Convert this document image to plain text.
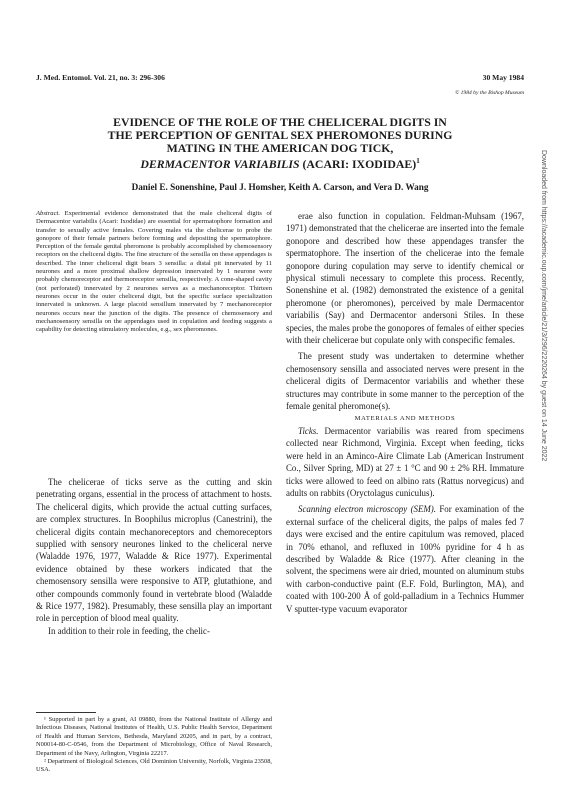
J. Med. Entomol. Vol. 21, no. 3: 296-306	30 May 1984
© 1984 by the Bishop Museum
EVIDENCE OF THE ROLE OF THE CHELICERAL DIGITS IN
THE PERCEPTION OF GENITAL SEX PHEROMONES DURING
MATING IN THE AMERICAN DOG TICK,
DERMACENTOR VARIABILIS (ACARI: IXODIDAE)$^1$
Daniel E. Sonenshine, Paul J. Homsher, Keith A. Carson, and Vera D. Wang
Abstract. Experimental evidence demonstrated that the male cheliceral digits of Dermacentor variabilis (Acari: Ixodidae) are essential for spermatophore formation and transfer to sexually active females. Covering males via the chelicerae to probe the gonopore of their female partners before forming and depositing the spermatophore. Perception of the female genital pheromone is probably accomplished by chemosensory receptors on the cheliceral digits. The fine structure of the sensilla on these appendages is described. The inner cheliceral digit bears 3 sensilla: a distal pit innervated by 11 neurones and a more proximal shallow depression innervated by 1 neurone were probably chemoreceptor and thermoreceptor sensilla, respectively. A cone-shaped cavity (not perforated) innervated by 2 neurones serves as a mechanoreceptor. Thirteen neurones occur in the outer cheliceral digit, but the specific surface specialization innervated is unknown. A large placoid sensillum innervated by 7 mechanoreceptor neurones occurs near the junction of the digits. The presence of chemosensory and mechanosensory sensilla on the appendages used in copulation and feeding suggests a capability for detecting stimulatory molecules, e.g., sex pheromones.

The chelicerae of ticks serve as the cutting and skin penetrating organs, essential in the process of attachment to hosts. The cheliceral digits, which provide the actual cutting surfaces, are complex structures. In Boophilus microplus (Canestrini), the cheliceral digits contain mechanoreceptors and chemoreceptors supplied with sensory neurones linked to the cheliceral nerve (Waladde 1976, 1977, Waladde & Rice 1977). Experimental evidence obtained by these workers indicated that the chemosensory sensilla were responsive to ATP, glutathione, and other compounds commonly found in vertebrate blood (Waladde & Rice 1977, 1982). Presumably, these sensilla play an important role in perception of blood meal quality.

In addition to their role in feeding, the chelic-

¹ Supported in part by a grant, AI 09880, from the National Institute of Allergy and Infectious Diseases, National Institutes of Health, U.S. Public Health Service, Department of Health and Human Services, Bethesda, Maryland 20205, and in part, by a contract, N00014-80-C-0546, from the Department of Microbiology, Office of Naval Research, Department of the Navy, Arlington, Virginia 22217.

² Department of Biological Sciences, Old Dominion University, Norfolk, Virginia 23508, USA.

erae also function in copulation. Feldman-Muhsam (1967, 1971) demonstrated that the chelicerae are inserted into the female gonopore and described how these appendages transfer the spermatophore. The insertion of the chelicerae into the female gonopore during copulation may serve to identify chemical or physical stimuli necessary to complete this process. Recently, Sonenshine et al. (1982) demonstrated the existence of a genital pheromone (or pheromones), perceived by male Dermacentor variabilis (Say) and Dermacentor andersoni Stiles. In these species, the males probe the gonopores of females of either species with their chelicerae but copulate only with conspecific females.

The present study was undertaken to determine whether chemosensory sensilla and associated nerves were present in the cheliceral digits of Dermacentor variabilis and whether these structures may contribute in some manner to the perception of the female genital pheromone(s).

MATERIALS AND METHODS

Ticks. Dermacentor variabilis was reared from specimens collected near Richmond, Virginia. Except when feeding, ticks were held in an Aminco-Aire Climate Lab (American Instrument Co., Silver Spring, MD) at 27 ± 1 °C and 90 ± 2% RH. Immature ticks were allowed to feed on albino rats (Rattus norvegicus) and adults on rabbits (Oryctolagus cuniculus).

Scanning electron microscopy (SEM). For examination of the external surface of the cheliceral digits, the palps of males fed 7 days were excised and the entire capitulum was removed, placed in 70% ethanol, and refluxed in 100% pyridine for 4 h as described by Waladde & Rice (1977). After cleaning in the solvent, the specimens were air dried, mounted on aluminum stubs with carbon-conductive paint (E.F. Fold, Burlington, MA), and coated with 100-200 Å of gold-palladium in a Technics Hummer V sputter-type vacuum evaporator

Downloaded from https://academic.oup.com/jme/article/21/3/296/2220264 by guest on 14 June 2022
